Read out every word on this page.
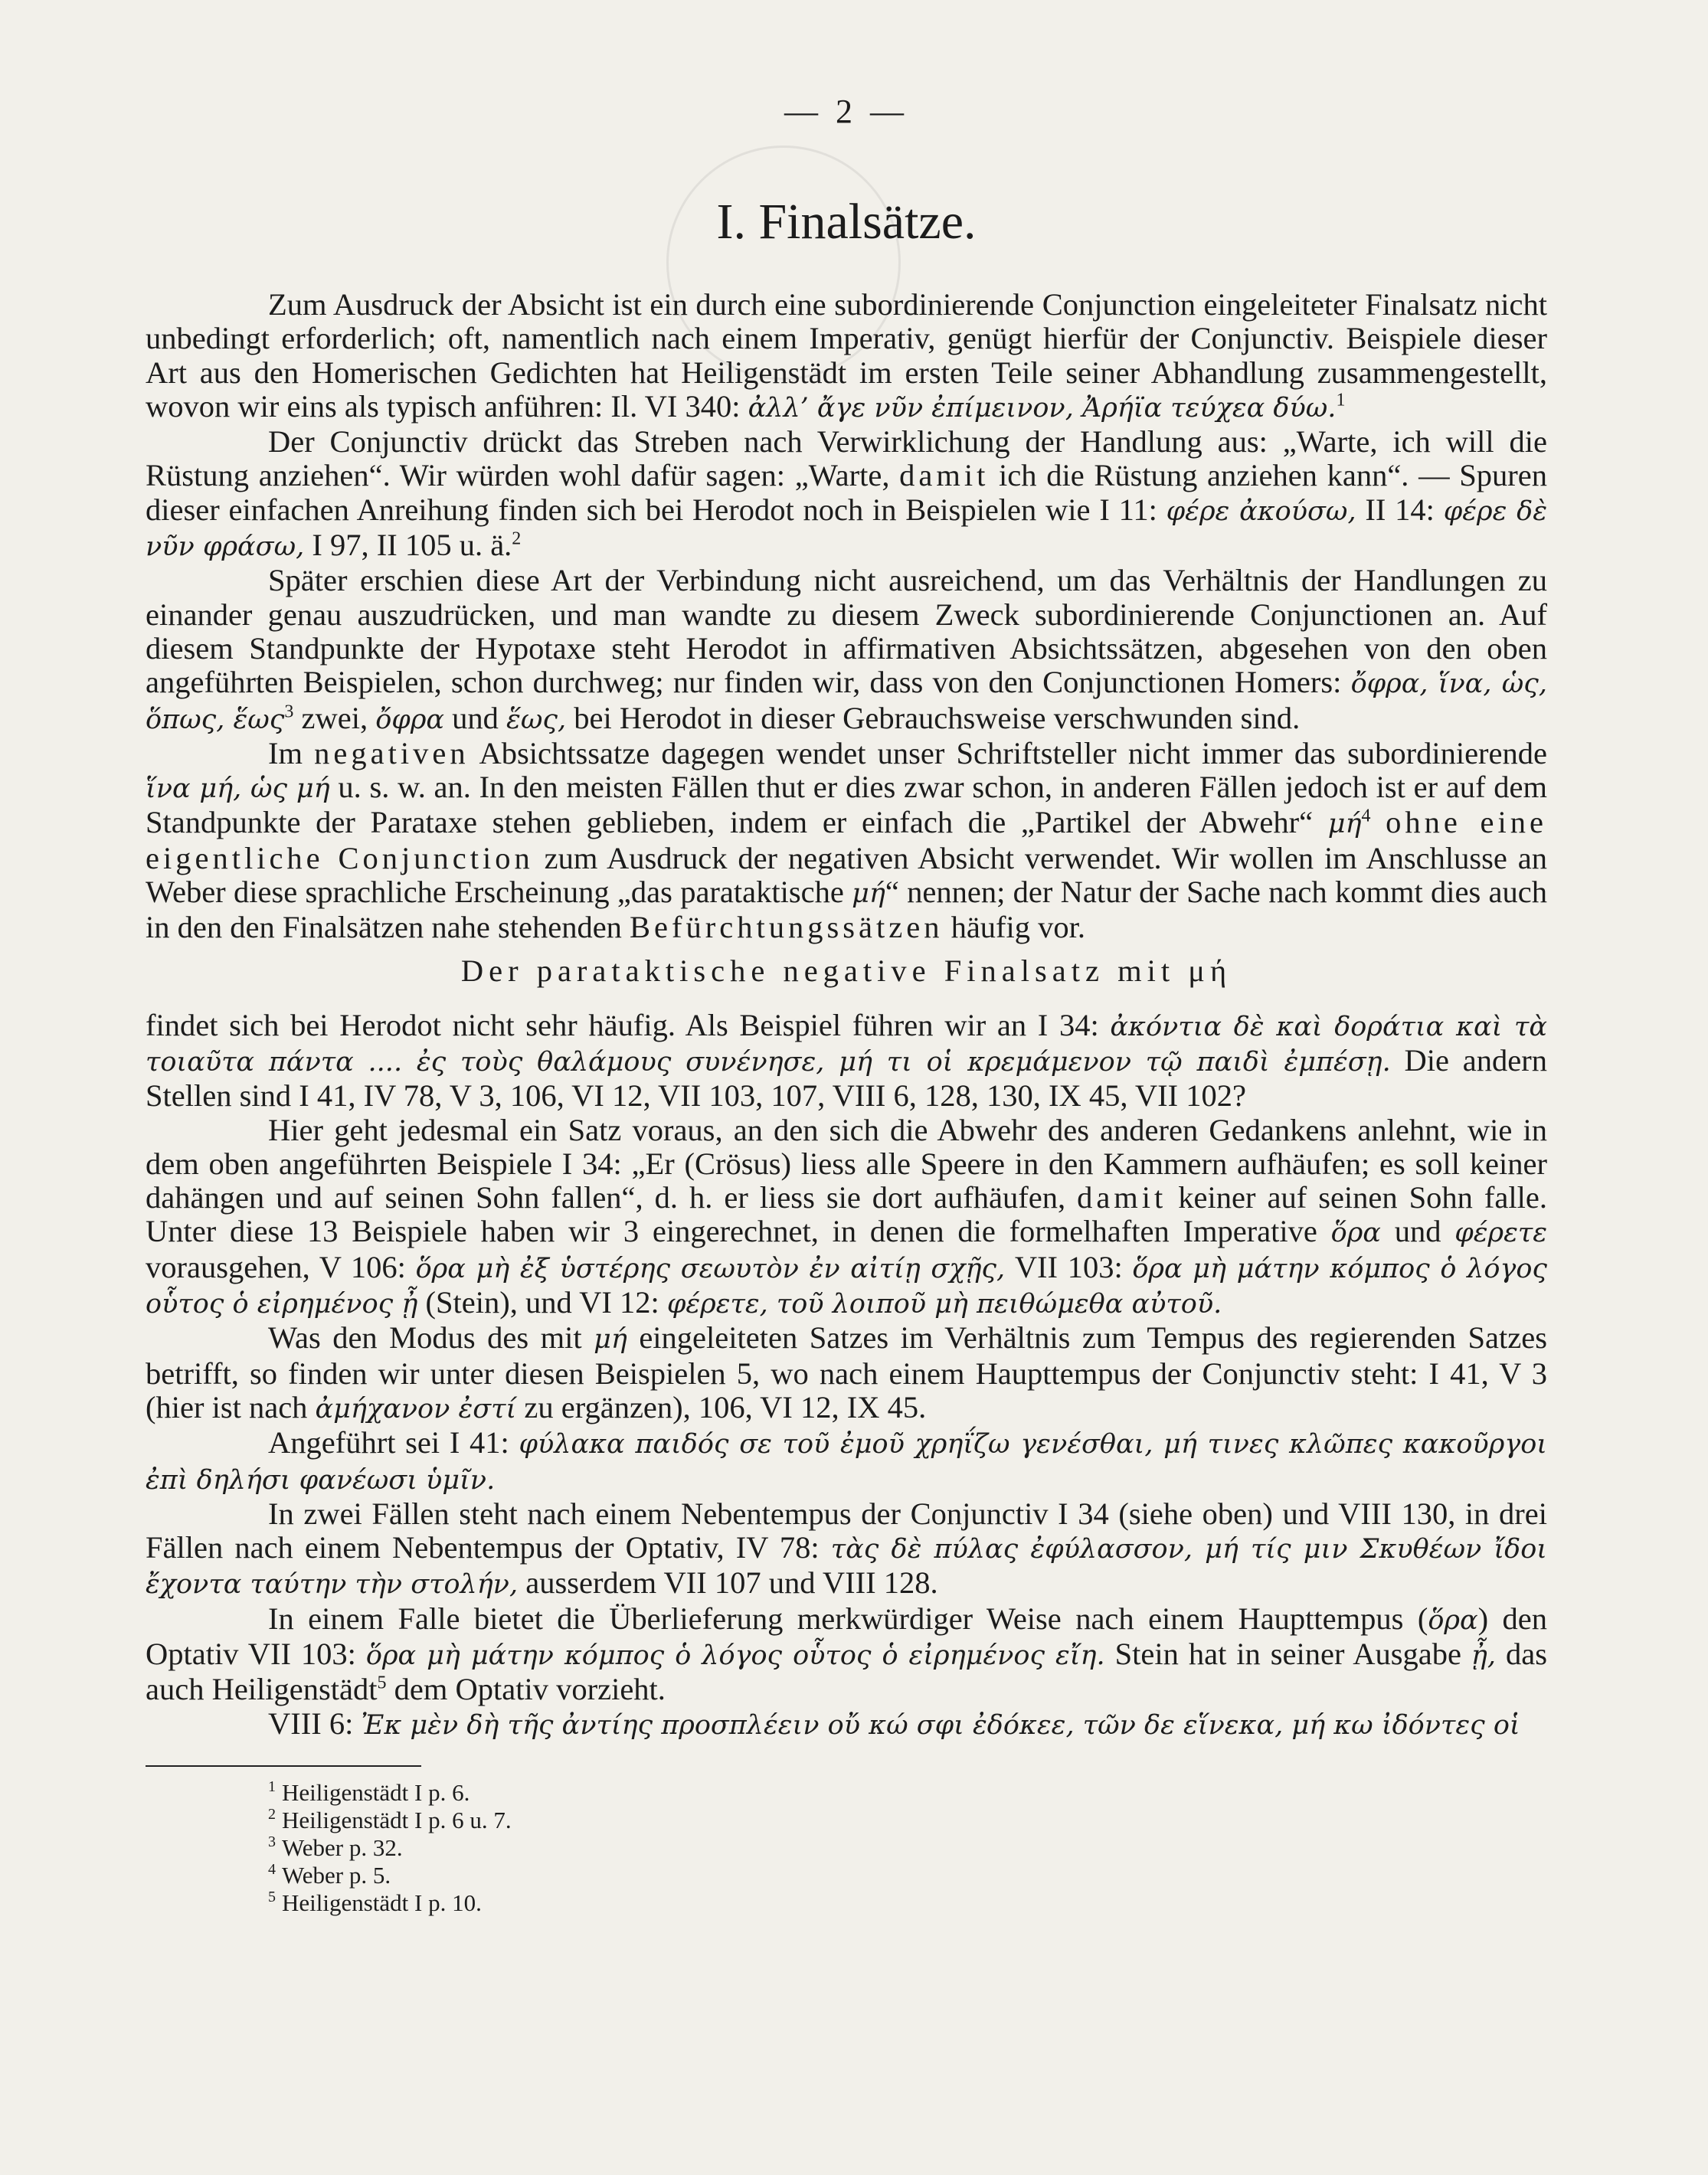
— 2 —
I. Finalsätze.

Zum Ausdruck der Absicht ist ein durch eine subordinierende Conjunction eingeleiteter Finalsatz nicht unbedingt erforderlich; oft, namentlich nach einem Imperativ, genügt hierfür der Conjunctiv. Beispiele dieser Art aus den Homerischen Gedichten hat Heiligenstädt im ersten Teile seiner Abhandlung zusammengestellt, wovon wir eins als typisch anführen: Il. VI 340: ἀλλ’ ἄγε νῦν ἐπίμεινον, Ἀρήϊα τεύχεα δύω.$^1$

Der Conjunctiv drückt das Streben nach Verwirklichung der Handlung aus: „Warte, ich will die Rüstung anziehen“. Wir würden wohl dafür sagen: „Warte, damit ich die Rüstung anziehen kann“. — Spuren dieser einfachen Anreihung finden sich bei Herodot noch in Beispielen wie I 11: φέρε ἀκούσω, II 14: φέρε δὲ νῦν φράσω, I 97, II 105 u. ä.$^2$

Später erschien diese Art der Verbindung nicht ausreichend, um das Verhältnis der Handlungen zu einander genau auszudrücken, und man wandte zu diesem Zweck subordinierende Conjunctionen an. Auf diesem Standpunkte der Hypotaxe steht Herodot in affirmativen Absichtssätzen, abgesehen von den oben angeführten Beispielen, schon durchweg; nur finden wir, dass von den Conjunctionen Homers: ὄφρα, ἵνα, ὡς, ὅπως, ἕως$^3$ zwei, ὄφρα und ἕως, bei Herodot in dieser Gebrauchsweise verschwunden sind.

Im negativen Absichtssatze dagegen wendet unser Schriftsteller nicht immer das subordinierende ἵνα μή, ὡς μή u. s. w. an. In den meisten Fällen thut er dies zwar schon, in anderen Fällen jedoch ist er auf dem Standpunkte der Parataxe stehen geblieben, indem er einfach die „Partikel der Abwehr“ $\mu ή^4$ ohne eine eigentliche Conjunction zum Ausdruck der negativen Absicht verwendet. Wir wollen im Anschlusse an Weber diese sprachliche Erscheinung „das parataktische μή“ nennen; der Natur der Sache nach kommt dies auch in den den Finalsätzen nahe stehenden Befürchtungssätzen häufig vor.

Der parataktische negative Finalsatz mit μή

findet sich bei Herodot nicht sehr häufig. Als Beispiel führen wir an I 34: ἀκόντια δὲ καὶ δοράτια καὶ τὰ τοιαῦτα πάντα .... ἐς τοὺς θαλάμους συνένησε, μή τι οἱ κρεμάμενον τῷ παιδὶ ἐμπέσῃ. Die andern Stellen sind I 41, IV 78, V 3, 106, VI 12, VII 103, 107, VIII 6, 128, 130, IX 45, VII 102?

Hier geht jedesmal ein Satz voraus, an den sich die Abwehr des anderen Gedankens anlehnt, wie in dem oben angeführten Beispiele I 34: „Er (Crösus) liess alle Speere in den Kammern aufhäufen; es soll keiner dahängen und auf seinen Sohn fallen“, d. h. er liess sie dort aufhäufen, damit keiner auf seinen Sohn falle. Unter diese 13 Beispiele haben wir 3 eingerechnet, in denen die formelhaften Imperative ὅρα und φέρετε vorausgehen, V 106: ὅρα μὴ ἐξ ὑστέρης σεωυτὸν ἐν αἰτίῃ σχῇς, VII 103: ὅρα μὴ μάτην κόμπος ὁ λόγος οὗτος ὁ εἰρημένος ᾖ (Stein), und VI 12: φέρετε, τοῦ λοιποῦ μὴ πειθώμεθα αὐτοῦ.

Was den Modus des mit μή eingeleiteten Satzes im Verhältnis zum Tempus des regierenden Satzes betrifft, so finden wir unter diesen Beispielen 5, wo nach einem Haupttempus der Conjunctiv steht: I 41, V 3 (hier ist nach ἀμήχανον ἐστί zu ergänzen), 106, VI 12, IX 45.

Angeführt sei I 41: φύλακα παιδός σε τοῦ ἐμοῦ χρηΐζω γενέσθαι, μή τινες κλῶπες κακοῦργοι ἐπὶ δηλήσι φανέωσι ὑμῖν.

In zwei Fällen steht nach einem Nebentempus der Conjunctiv I 34 (siehe oben) und VIII 130, in drei Fällen nach einem Nebentempus der Optativ, IV 78: τὰς δὲ πύλας ἐφύλασσον, μή τίς μιν Σκυθέων ἴδοι ἔχοντα ταύτην τὴν στολήν, ausserdem VII 107 und VIII 128.

In einem Falle bietet die Überlieferung merkwürdiger Weise nach einem Haupttempus (ὅρα) den Optativ VII 103: ὅρα μὴ μάτην κόμπος ὁ λόγος οὗτος ὁ εἰρημένος εἴη. Stein hat in seiner Ausgabe ᾖ, das auch Heiligenstädt$^5$ dem Optativ vorzieht.

VIII 6: Ἐκ μὲν δὴ τῆς ἀντίης προσπλέειν οὔ κώ σφι ἐδόκεε, τῶν δε εἵνεκα, μή κω ἰδόντες οἱ

1 Heiligenstädt I p. 6.
2 Heiligenstädt I p. 6 u. 7.
3 Weber p. 32.
4 Weber p. 5.
5 Heiligenstädt I p. 10.
